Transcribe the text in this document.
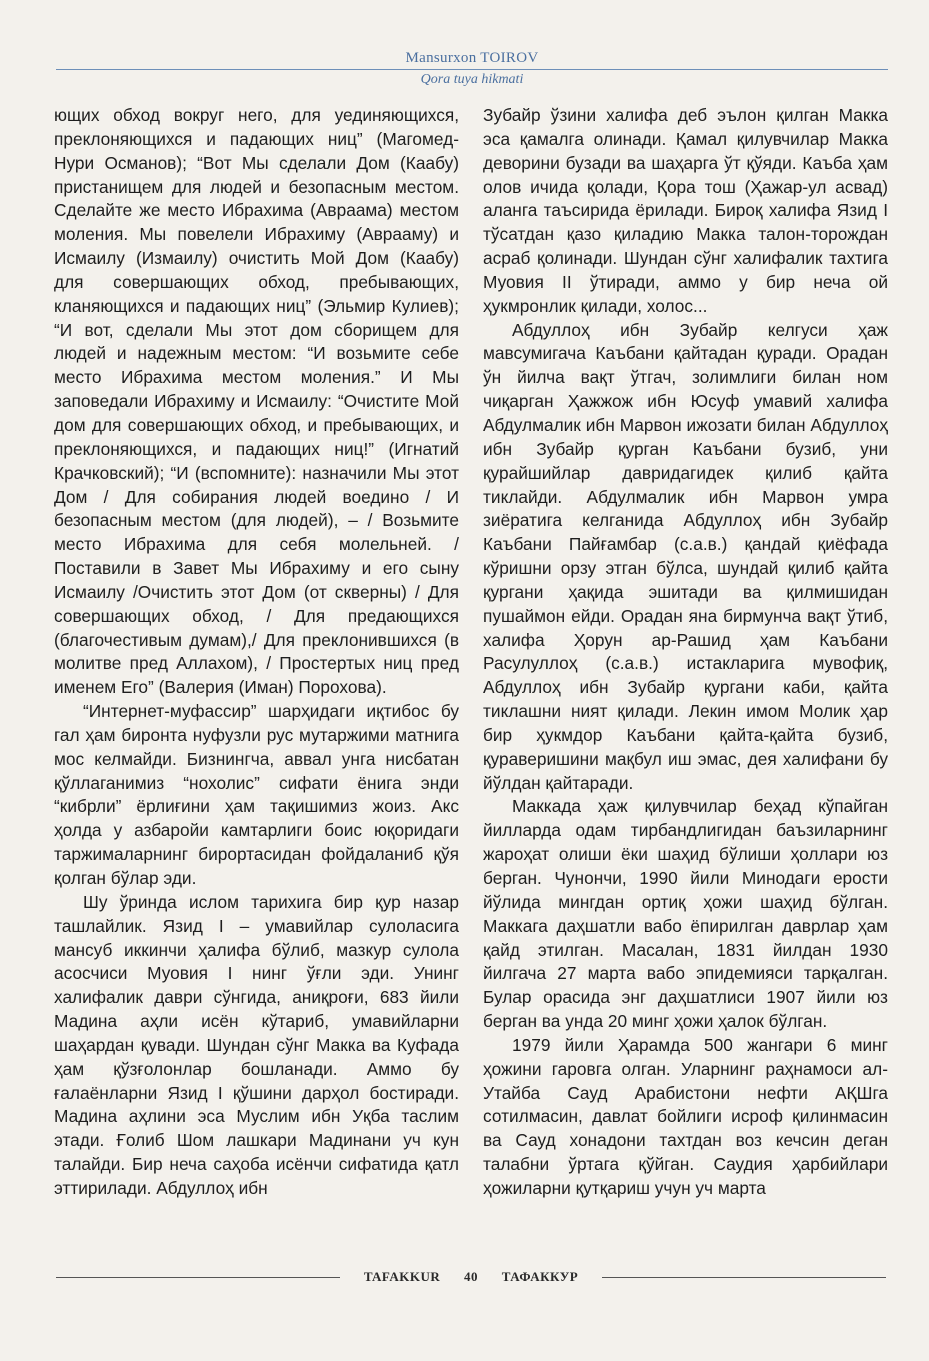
Mansurxon TOIROV
Qora tuya hikmati

ющих обход вокруг него, для уединяющихся, преклоняющихся и падающих ниц” (Магомед-Нури Османов); “Вот Мы сделали Дом (Каабу) пристанищем для людей и безопасным местом. Сделайте же место Ибрахима (Авраама) местом моления. Мы повелели Ибрахиму (Аврааму) и Исмаилу (Измаилу) очистить Мой Дом (Каабу) для совершающих обход, пребывающих, кланяющихся и падающих ниц” (Эльмир Кулиев); “И вот, сделали Мы этот дом сборищем для людей и надежным местом: “И возьмите себе место Ибрахима местом моления.” И Мы заповедали Ибрахиму и Исмаилу: “Очистите Мой дом для совершающих обход, и пребывающих, и преклоняющихся, и падающих ниц!” (Игнатий Крачковский); “И (вспомните): назначили Мы этот Дом / Для собирания людей воедино / И безопасным местом (для людей), – / Возьмите место Ибрахима для себя молельней. / Поставили в Завет Мы Ибрахиму и его сыну Исмаилу /Очистить этот Дом (от скверны) / Для совершающих обход, / Для предающихся (благочестивым думам),/ Для преклонившихся (в молитве пред Аллахом), / Простертых ниц пред именем Его” (Валерия (Иман) Порохова).

“Интернет-муфассир” шарҳидаги иқтибос бу гал ҳам биронта нуфузли рус мутаржими матнига мос келмайди. Бизнингча, аввал унга нисбатан қўллаганимиз “нохолис” сифати ёнига энди “кибрли” ёрлиғини ҳам тақишимиз жоиз. Акс ҳолда у азбаройи камтарлиги боис юқоридаги таржималарнинг бирортасидан фойдаланиб қўя қолган бўлар эди.

Шу ўринда ислом тарихига бир қур назар ташлайлик. Язид I – умавийлар сулоласига мансуб иккинчи ҳалифа бўлиб, мазкур сулола асосчиси Муовия I нинг ўғли эди. Унинг халифалик даври сўнгида, аниқроғи, 683 йили Мадина аҳли исён кўтариб, умавийларни шаҳардан қувади. Шундан сўнг Макка ва Куфада ҳам қўзғолонлар бошланади. Аммо бу ғалаёнларни Язид I қўшини дарҳол бостиради. Мадина аҳлини эса Муслим ибн Уқба таслим этади. Ғолиб Шом лашкари Мадинани уч кун талайди. Бир неча саҳоба исёнчи сифатида қатл эттирилади. Абдуллоҳ ибн

Зубайр ўзини халифа деб эълон қилган Макка эса қамалга олинади. Қамал қилувчилар Макка деворини бузади ва шаҳарга ўт қўяди. Каъба ҳам олов ичида қолади, Қора тош (Ҳажар-ул асвад) аланга таъсирида ёрилади. Бироқ халифа Язид I тўсатдан қазо қиладию Макка талон-торождан асраб қолинади. Шундан сўнг халифалик тахтига Муовия II ўтиради, аммо у бир неча ой ҳукмронлик қилади, холос...

Абдуллоҳ ибн Зубайр келгуси ҳаж мавсумигача Каъбани қайтадан қуради. Орадан ўн йилча вақт ўтгач, золимлиги билан ном чиқарган Ҳажжож ибн Юсуф умавий халифа Абдулмалик ибн Марвон ижозати билан Абдуллоҳ ибн Зубайр қурган Каъбани бузиб, уни қурайшийлар давридагидек қилиб қайта тиклайди. Абдулмалик ибн Марвон умра зиёратига келганида Абдуллоҳ ибн Зубайр Каъбани Пайғамбар (с.а.в.) қандай қиёфада кўришни орзу этган бўлса, шундай қилиб қайта қургани ҳақида эшитади ва қилмишидан пушаймон ейди. Орадан яна бирмунча вақт ўтиб, халифа Ҳорун ар-Рашид ҳам Каъбани Расулуллоҳ (с.а.в.) истакларига мувофиқ, Абдуллоҳ ибн Зубайр қургани каби, қайта тиклашни ният қилади. Лекин имом Молик ҳар бир ҳукмдор Каъбани қайта-қайта бузиб, қураверишини мақбул иш эмас, дея халифани бу йўлдан қайтаради.

Маккада ҳаж қилувчилар беҳад кўпайган йилларда одам тирбандлигидан баъзиларнинг жароҳат олиши ёки шаҳид бўлиши ҳоллари юз берган. Чунончи, 1990 йили Минодаги ерости йўлида мингдан ортиқ ҳожи шаҳид бўлган. Маккага даҳшатли вабо ёпирилган даврлар ҳам қайд этилган. Масалан, 1831 йилдан 1930 йилгача 27 марта вабо эпидемияси тарқалган. Булар орасида энг даҳшатлиси 1907 йили юз берган ва унда 20 минг ҳожи ҳалок бўлган.

1979 йили Ҳарамда 500 жангари 6 минг ҳожини гаровга олган. Уларнинг раҳнамоси ал-Утайба Сауд Арабистони нефти АҚШга сотилмасин, давлат бойлиги исроф қилинмасин ва Сауд хонадони тахтдан воз кечсин деган талабни ўртага қўйган. Саудия ҳарбийлари ҳожиларни қутқариш учун уч марта

TAFAKKUR 40 ТАФАККУР
